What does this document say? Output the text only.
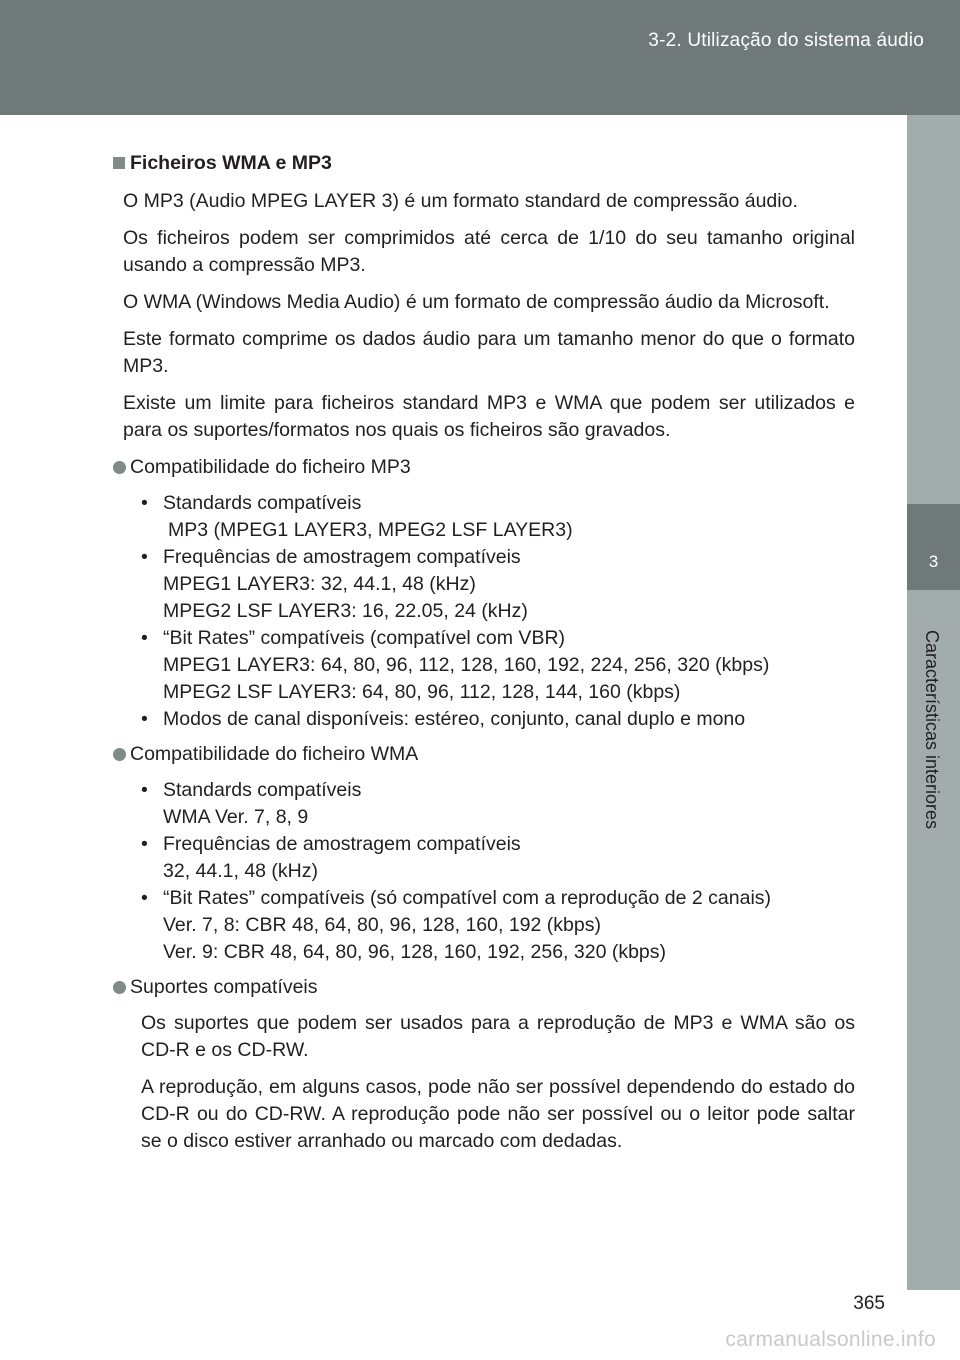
3-2. Utilização do sistema áudio
3
Características interiores
Ficheiros WMA e MP3
O MP3 (Audio MPEG LAYER 3) é um formato standard de compressão áudio.
Os ficheiros podem ser comprimidos até cerca de 1/10 do seu tamanho original usando a compressão MP3.
O WMA (Windows Media Audio) é um formato de compressão áudio da Microsoft.
Este formato comprime os dados áudio para um tamanho menor do que o formato MP3.
Existe um limite para ficheiros standard MP3 e WMA que podem ser utilizados e para os suportes/formatos nos quais os ficheiros são gravados.
Compatibilidade do ficheiro MP3
• Standards compatíveis
MP3 (MPEG1 LAYER3, MPEG2 LSF LAYER3)
• Frequências de amostragem compatíveis
MPEG1 LAYER3: 32, 44.1, 48 (kHz)
MPEG2 LSF LAYER3: 16, 22.05, 24 (kHz)
• “Bit Rates” compatíveis (compatível com VBR)
MPEG1 LAYER3: 64, 80, 96, 112, 128, 160, 192, 224, 256, 320 (kbps)
MPEG2 LSF LAYER3: 64, 80, 96, 112, 128, 144, 160 (kbps)
• Modos de canal disponíveis: estéreo, conjunto, canal duplo e mono
Compatibilidade do ficheiro WMA
• Standards compatíveis
WMA Ver. 7, 8, 9
• Frequências de amostragem compatíveis
32, 44.1, 48 (kHz)
• “Bit Rates” compatíveis (só compatível com a reprodução de 2 canais)
Ver. 7, 8: CBR 48, 64, 80, 96, 128, 160, 192 (kbps)
Ver. 9: CBR 48, 64, 80, 96, 128, 160, 192, 256, 320 (kbps)
Suportes compatíveis
Os suportes que podem ser usados para a reprodução de MP3 e WMA são os CD-R e os CD-RW.
A reprodução, em alguns casos, pode não ser possível dependendo do estado do CD-R ou do CD-RW. A reprodução pode não ser possível ou o leitor pode saltar se o disco estiver arranhado ou marcado com dedadas.
365
carmanualsonline.info
